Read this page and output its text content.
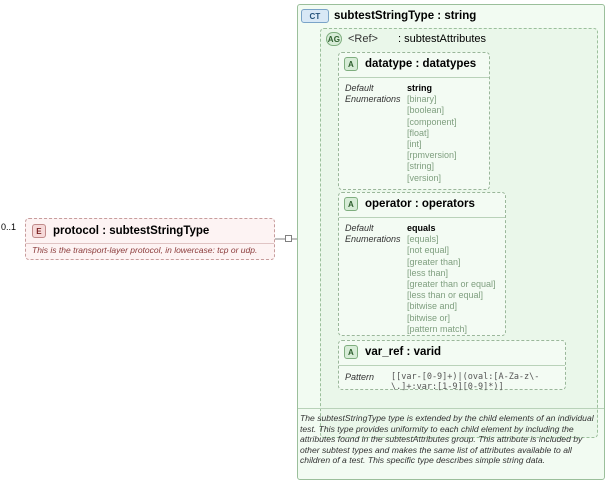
0..1	E protocol : subtestStringType
This is the transport-layer protocol, in lowercase: tcp or udp.
CT	subtestStringType : string
AG <Ref> : subtestAttributes
A datatype : datatypes
Default
Enumerations
string
[binary]
[boolean]
[component]
[float]
[int]
[rpmversion]
[string]
[version]
A operator : operators
Default
Enumerations
equals
[equals]
[not equal]
[greater than]
[less than]
[greater than or equal]
[less than or equal]
[bitwise and]
[bitwise or]
[pattern match]
A var_ref : varid
Pattern [[var-[0-9]+)|(oval:[A-Za-z\-\.]+:var:[1-9][0-9]*)]
The subtestStringType type is extended by the child elements of an individual test. This type provides uniformity to each child element by including the attributes found in the subtestAttributes group. This attribute is included by other subtest types and makes the same list of attributes available to all children of a test. This specific type describes simple string data.
